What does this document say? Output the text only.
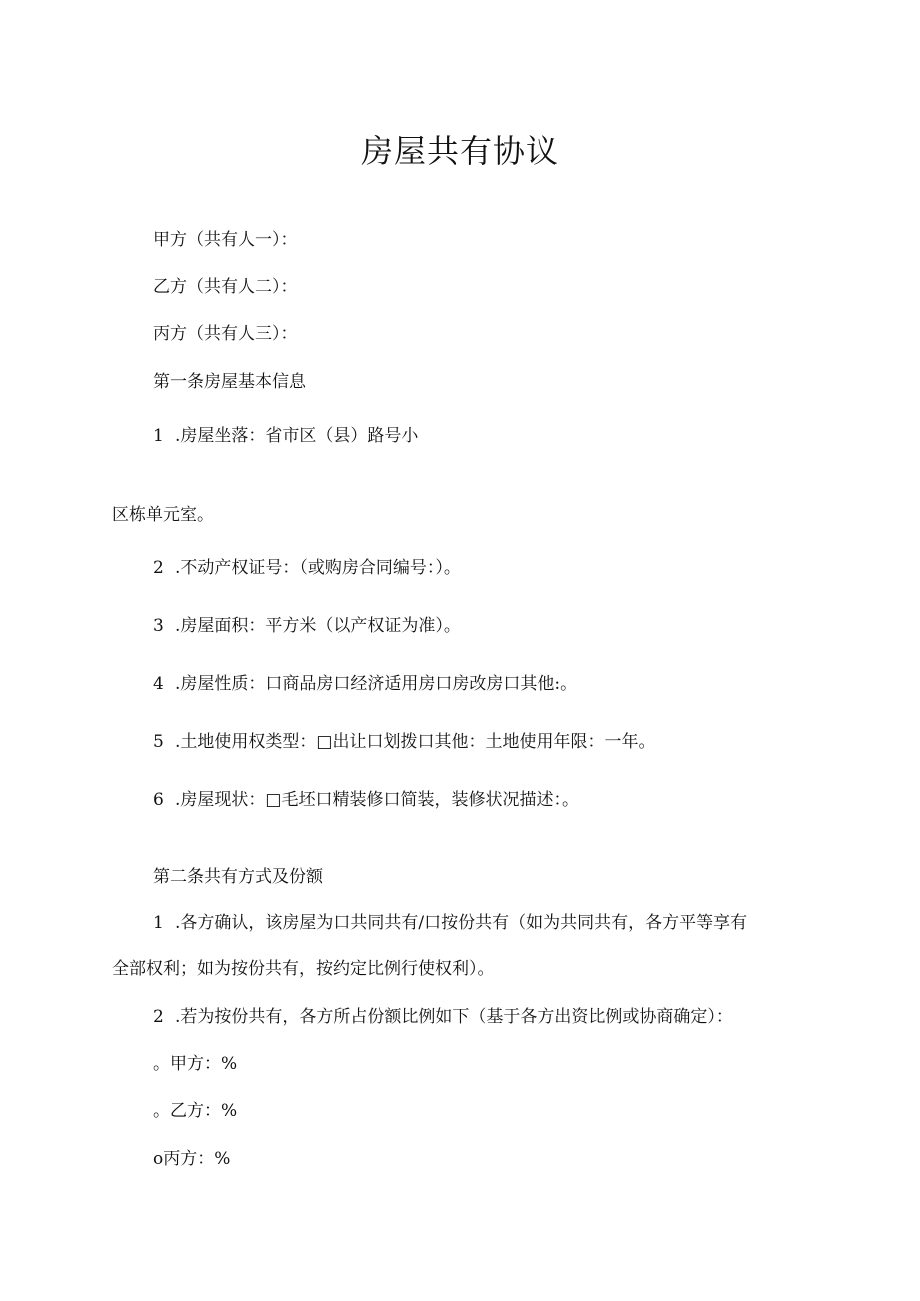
房屋共有协议
甲方（共有人一）：
乙方（共有人二）：
丙方（共有人三）：
第一条房屋基本信息
1 .房屋坐落：省市区（县）路号小
区栋单元室。
2 .不动产权证号：（或购房合同编号：）。
3 .房屋面积：平方米（以产权证为准）。
4 .房屋性质：口商品房口经济适用房口房改房口其他:。
5 .土地使用权类型：□出让口划拨口其他：土地使用年限：一年。
6 .房屋现状：□毛坯口精装修口简装，装修状况描述：。
第二条共有方式及份额
1 .各方确认，该房屋为口共同共有/口按份共有（如为共同共有，各方平等享有
全部权利；如为按份共有，按约定比例行使权利）。
2 .若为按份共有，各方所占份额比例如下（基于各方出资比例或协商确定）：
。甲方：%
。乙方：%
o丙方：%
